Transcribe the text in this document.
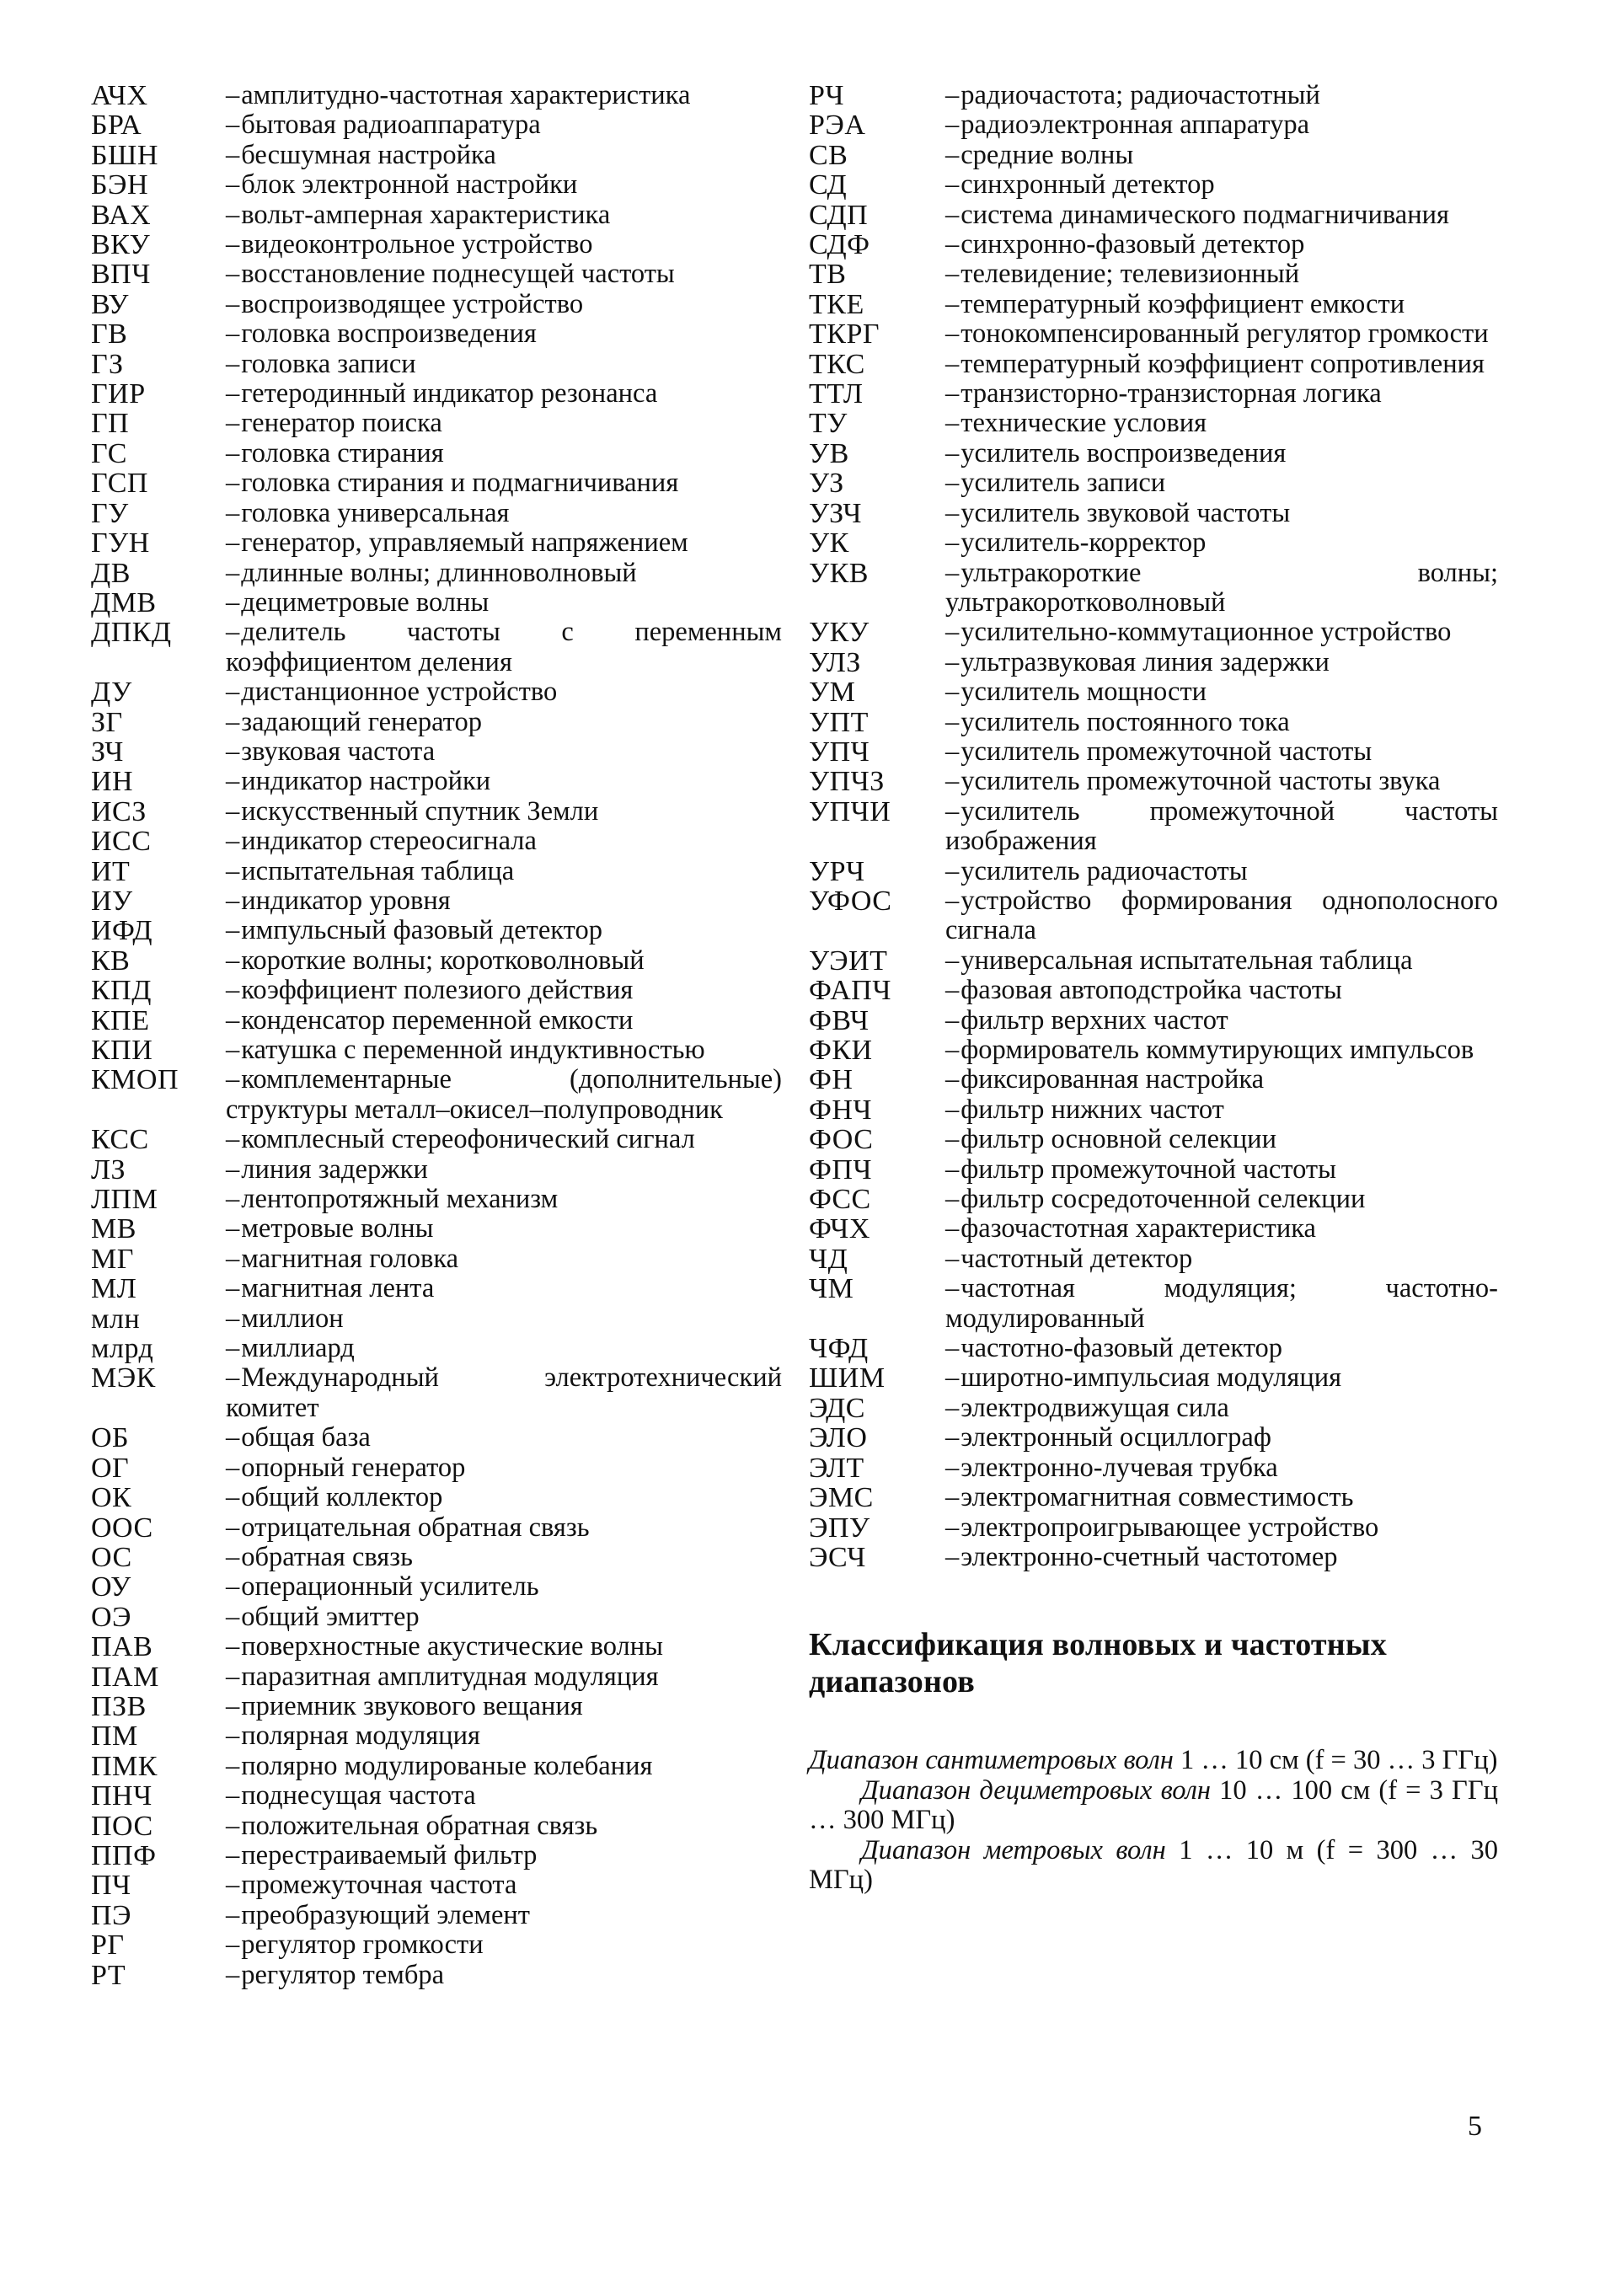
АЧХ	–амплитудно-частотная характеристика
БРА	–бытовая радиоаппаратура
БШН	–бесшумная настройка
БЭН	–блок электронной настройки
ВАХ	–вольт-амперная характеристика
ВКУ	–видеоконтрольное устройство
ВПЧ	–восстановление поднесущей частоты
ВУ	–воспроизводящее устройство
ГВ	–головка воспроизведения
ГЗ	–головка записи
ГИР	–гетеродинный индикатор резонанса
ГП	–генератор поиска
ГС	–головка стирания
ГСП	–головка стирания и подмагничивания
ГУ	–головка универсальная
ГУН	–генератор, управляемый напряжением
ДВ	–длинные волны; длинноволновый
ДМВ	–дециметровые волны
ДПКД	–делитель частоты с переменным коэффициентом деления
ДУ	–дистанционное устройство
ЗГ	–задающий генератор
ЗЧ	–звуковая частота
ИН	–индикатор настройки
ИСЗ	–искусственный спутник Земли
ИСС	–индикатор стереосигнала
ИТ	–испытательная таблица
ИУ	–индикатор уровня
ИФД	–импульсный фазовый детектор
КВ	–короткие волны; коротковолновый
КПД	–коэффициент полезиого действия
КПЕ	–конденсатор переменной емкости
КПИ	–катушка с переменной индуктивностью
КМОП	–комплементарные (дополнительные) структуры металл–окисел–полупроводник
КСС	–комплесный стереофонический сигнал
ЛЗ	–линия задержки
ЛПМ	–лентопротяжный механизм
МВ	–метровые волны
МГ	–магнитная головка
МЛ	–магнитная лента
млн	–миллион
млрд	–миллиард
МЭК	–Международный электротехнический комитет
ОБ	–общая база
ОГ	–опорный генератор
ОК	–общий коллектор
ООС	–отрицательная обратная связь
ОС	–обратная связь
ОУ	–операционный усилитель
ОЭ	–общий эмиттер
ПАВ	–поверхностные акустические волны
ПАМ	–паразитная амплитудная модуляция
ПЗВ	–приемник звукового вещания
ПМ	–полярная модуляция
ПМК	–полярно модулированые колебания
ПНЧ	–поднесущая частота
ПОС	–положительная обратная связь
ППФ	–перестраиваемый фильтр
ПЧ	–промежуточная частота
ПЭ	–преобразующий элемент
РГ	–регулятор громкости
РТ	–регулятор тембра
РЧ	–радиочастота; радиочастотный
РЭА	–радиоэлектронная аппаратура
СВ	–средние волны
СД	–синхронный детектор
СДП	–система динамического подмагничивания
СДФ	–синхронно-фазовый детектор
ТВ	–телевидение; телевизионный
ТКЕ	–температурный коэффициент емкости
ТКРГ	–тонокомпенсированный регулятор громкости
ТКС	–температурный коэффициент сопротивления
ТТЛ	–транзисторно-транзисторная логика
ТУ	–технические условия
УВ	–усилитель воспроизведения
УЗ	–усилитель записи
УЗЧ	–усилитель звуковой частоты
УК	–усилитель-корректор
УКВ	–ультракороткие волны; ультракоротковолновый
УКУ	–усилительно-коммутационное устройство
УЛЗ	–ультразвуковая линия задержки
УМ	–усилитель мощности
УПТ	–усилитель постоянного тока
УПЧ	–усилитель промежуточной частоты
УПЧЗ	–усилитель промежуточной частоты звука
УПЧИ	–усилитель промежуточной частоты изображения
УРЧ	–усилитель радиочастоты
УФОС	–устройство формирования однополосного сигнала
УЭИТ	–универсальная испытательная таблица
ФАПЧ	–фазовая автоподстройка частоты
ФВЧ	–фильтр верхних частот
ФКИ	–формирователь коммутирующих импульсов
ФН	–фиксированная настройка
ФНЧ	–фильтр нижних частот
ФОС	–фильтр основной селекции
ФПЧ	–фильтр промежуточной частоты
ФСС	–фильтр сосредоточенной селекции
ФЧХ	–фазочастотная характеристика
ЧД	–частотный детектор
ЧМ	–частотная модуляция; частотно-модулированный
ЧФД	–частотно-фазовый детектор
ШИМ	–широтно-импульсиая модуляция
ЭДС	–электродвижущая сила
ЭЛО	–электронный осциллограф
ЭЛТ	–электронно-лучевая трубка
ЭМС	–электромагнитная совместимость
ЭПУ	–электропроигрывающее устройство
ЭСЧ	–электронно-счетный частотомер
Классификация волновых и частотных диапазонов

Диапазон сантиметровых волн 1 … 10 см (f = 30 … 3 ГГц)

Диапазон дециметровых волн 10 … 100 см (f = 3 ГГц … 300 МГц)

Диапазон метровых волн 1 … 10 м (f = 300 … 30 МГц)

5
